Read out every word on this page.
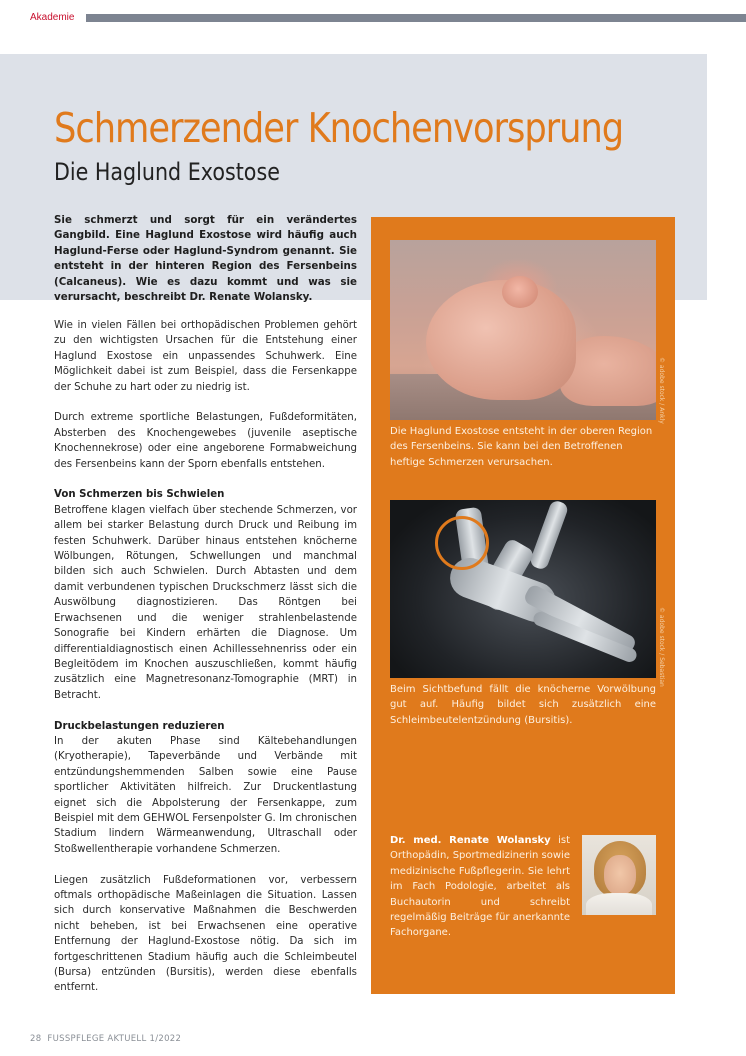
Akademie
Schmerzender Knochenvorsprung
Die Haglund Exostose

Sie schmerzt und sorgt für ein verändertes Gangbild. Eine Haglund Exostose wird häufig auch Haglund-Ferse oder Haglund-Syndrom genannt. Sie entsteht in der hinteren Region des Fersenbeins (Calcaneus). Wie es dazu kommt und was sie verursacht, beschreibt Dr. Renate Wolansky.

Wie in vielen Fällen bei orthopädischen Problemen gehört zu den wichtigsten Ursachen für die Entstehung einer Haglund Exostose ein unpassendes Schuhwerk. Eine Möglichkeit dabei ist zum Beispiel, dass die Fersenkappe der Schuhe zu hart oder zu niedrig ist.

Durch extreme sportliche Belastungen, Fußdeformitäten, Absterben des Knochengewebes (juvenile aseptische Knochennekrose) oder eine angeborene Formabweichung des Fersenbeins kann der Sporn ebenfalls entstehen.

Von Schmerzen bis Schwielen

Betroffene klagen vielfach über stechende Schmerzen, vor allem bei starker Belastung durch Druck und Reibung im festen Schuhwerk. Darüber hinaus entstehen knöcherne Wölbungen, Rötungen, Schwellungen und manchmal bilden sich auch Schwielen. Durch Abtasten und dem damit verbundenen typischen Druckschmerz lässt sich die Auswölbung diagnostizieren. Das Röntgen bei Erwachsenen und die weniger strahlenbelastende Sonografie bei Kindern erhärten die Diagnose. Um differentialdiagnostisch einen Achillessehnenriss oder ein Begleitödem im Knochen auszuschließen, kommt häufig zusätzlich eine Magnetresonanz-Tomographie (MRT) in Betracht.

Druckbelastungen reduzieren

In der akuten Phase sind Kältebehandlungen (Kryotherapie), Tapeverbände und Verbände mit entzündungshemmenden Salben sowie eine Pause sportlicher Aktivitäten hilfreich. Zur Druckentlastung eignet sich die Abpolsterung der Fersenkappe, zum Beispiel mit dem GEHWOL Fersenpolster G. Im chronischen Stadium lindern Wärmeanwendung, Ultraschall oder Stoßwellentherapie vorhandene Schmerzen.

Liegen zusätzlich Fußdeformationen vor, verbessern oftmals orthopädische Maßeinlagen die Situation. Lassen sich durch konservative Maßnahmen die Beschwerden nicht beheben, ist bei Erwachsenen eine operative Entfernung der Haglund-Exostose nötig. Da sich im fortgeschrittenen Stadium häufig auch die Schleimbeutel (Bursa) entzünden (Bursitis), werden diese ebenfalls entfernt.

© adobe stock / Ankly

Die Haglund Exostose entsteht in der oberen Region des Fersenbeins. Sie kann bei den Betroffenen heftige Schmerzen verursachen.

© adobe stock / Sebastian

Beim Sichtbefund fällt die knöcherne Vorwölbung gut auf. Häufig bildet sich zusätzlich eine Schleimbeutelentzündung (Bursitis).

Dr. med. Renate Wolansky ist Orthopädin, Sportmedizinerin sowie medizinische Fußpflegerin. Sie lehrt im Fach Podologie, arbeitet als Buchautorin und schreibt regelmäßig Beiträge für anerkannte Fachorgane.

28 FUSSPFLEGE AKTUELL 1/2022
